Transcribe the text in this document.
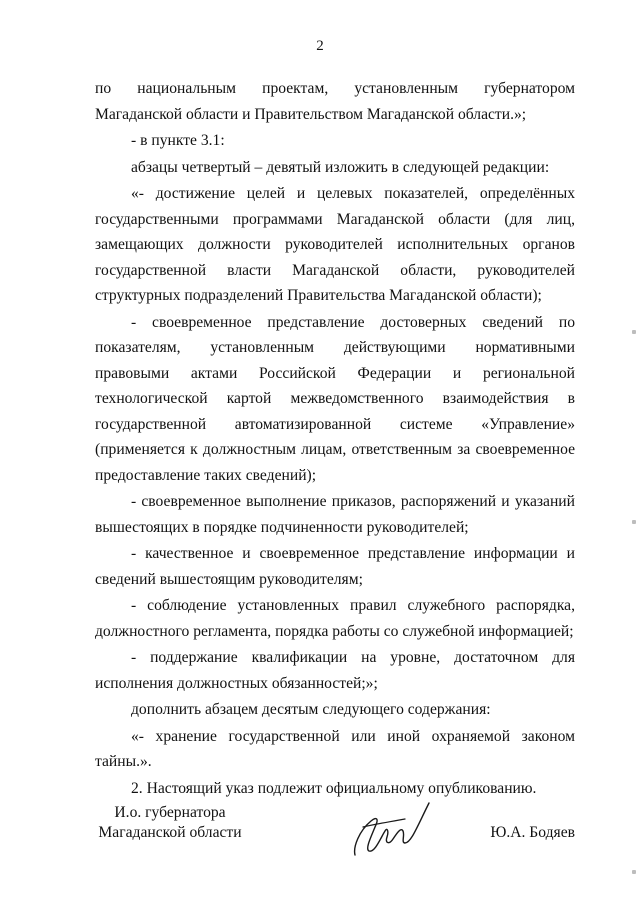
2

по национальным проектам, установленным губернатором Магаданской области и Правительством Магаданской области.»;

- в пункте 3.1:

абзацы четвертый – девятый изложить в следующей редакции:

«- достижение целей и целевых показателей, определённых государственными программами Магаданской области (для лиц, замещающих должности руководителей исполнительных органов государственной власти Магаданской области, руководителей структурных подразделений Правительства Магаданской области);

- своевременное представление достоверных сведений по показателям, установленным действующими нормативными правовыми актами Российской Федерации и региональной технологической картой межведомственного взаимодействия в государственной автоматизированной системе «Управление» (применяется к должностным лицам, ответственным за своевременное предоставление таких сведений);

- своевременное выполнение приказов, распоряжений и указаний вышестоящих в порядке подчиненности руководителей;

- качественное и своевременное представление информации и сведений вышестоящим руководителям;

- соблюдение установленных правил служебного распорядка, должностного регламента, порядка работы со служебной информацией;

- поддержание квалификации на уровне, достаточном для исполнения должностных обязанностей;»;

дополнить абзацем десятым следующего содержания:

«- хранение государственной или иной охраняемой законом тайны.».

2. Настоящий указ подлежит официальному опубликованию.

И.о. губернатора
Магаданской области	Ю.А. Бодяев
